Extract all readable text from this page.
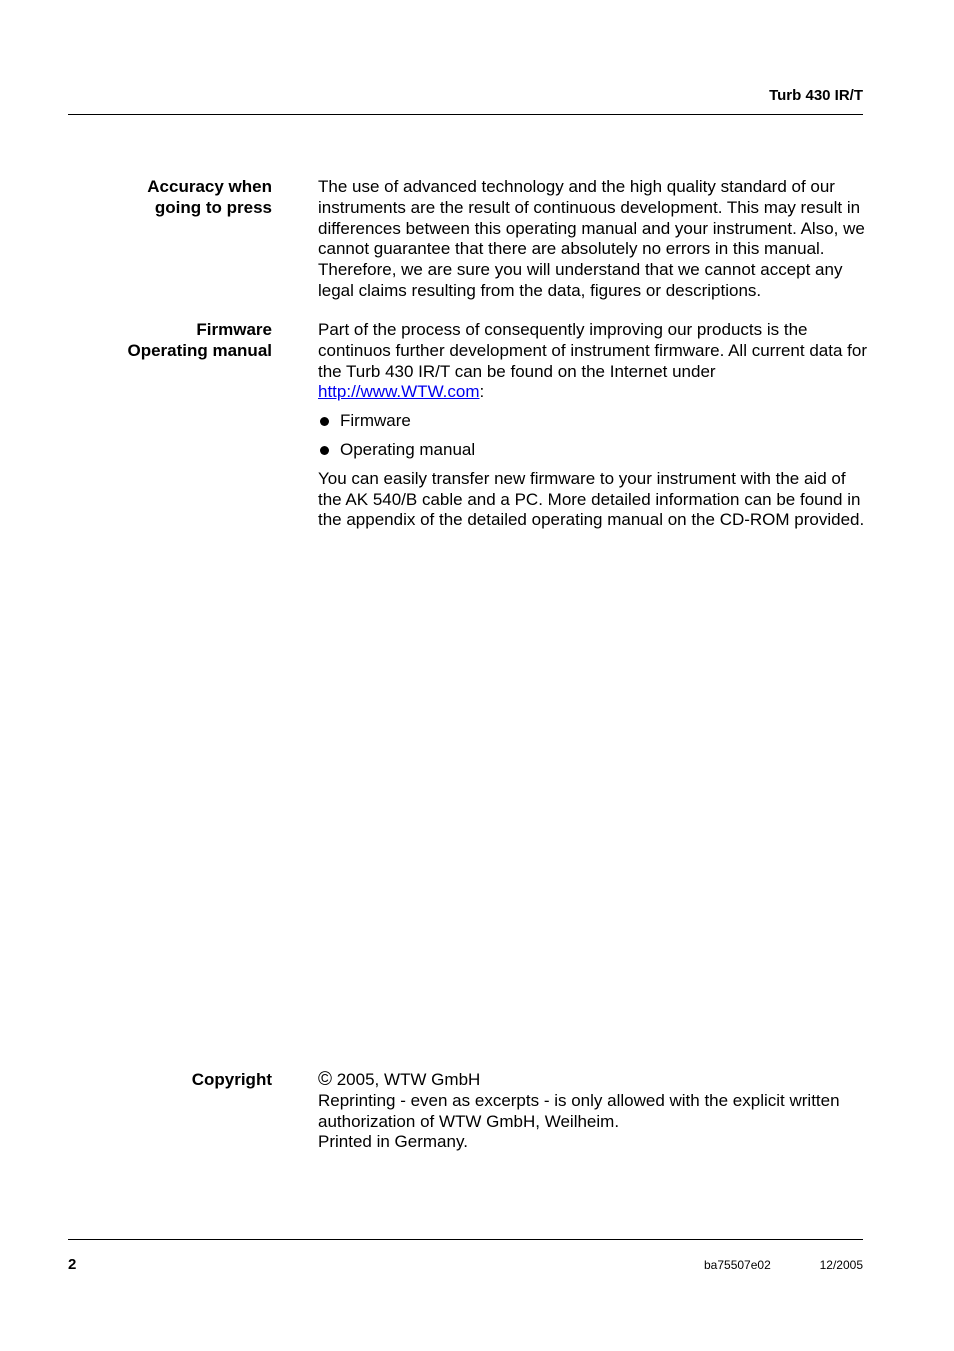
Turb 430 IR/T
Accuracy when
going to press

The use of advanced technology and the high quality standard of our instruments are the result of continuous development. This may result in differences between this operating manual and your instrument. Also, we cannot guarantee that there are absolutely no errors in this manual. Therefore, we are sure you will understand that we cannot accept any legal claims resulting from the data, figures or descriptions.

Firmware
Operating manual

Part of the process of consequently improving our products is the continuos further development of instrument firmware. All current data for the Turb 430 IR/T can be found on the Internet under http://www.WTW.com:

Firmware
Operating manual

You can easily transfer new firmware to your instrument with the aid of the AK 540/B cable and a PC. More detailed information can be found in the appendix of the detailed operating manual on the CD-ROM provided.

Copyright © 2005, WTW GmbH
Reprinting - even as excerpts - is only allowed with the explicit written authorization of WTW GmbH, Weilheim.
Printed in Germany.
2	ba75507e02	12/2005
